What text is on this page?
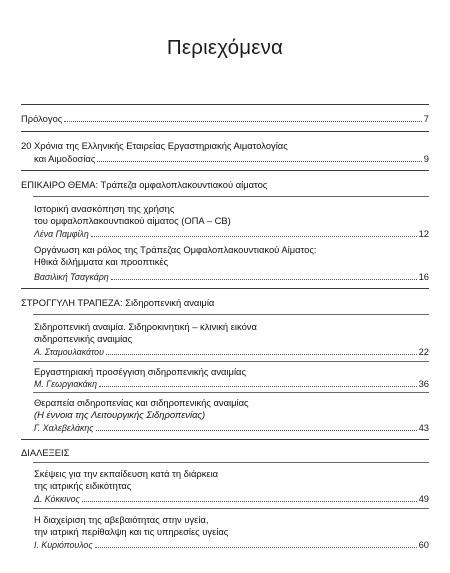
Περιεχόμενα
Πρόλογος	7
20 Χρόνια της Ελληνικής Εταιρείας Εργαστηριακής Αιματολογίας
και Αιμοδοσίας	9
ΕΠΙΚΑΙΡΟ ΘΕΜΑ: Τράπεζα ομφαλοπλακουντιακού αίματος
Ιστορική ανασκόπηση της χρήσης
του ομφαλοπλακουντιακού αίματος (ΟΠΑ – CB)
Λένα Παμφίλη	12
Οργάνωση και ρόλος της Τράπεζας Ομφαλοπλακουντιακού Αίματος:
Ηθικά διλήμματα και προοπτικές
Βασιλική Τσαγκάρη	16
ΣΤΡΟΓΓΥΛΗ ΤΡΑΠΕΖΑ: Σιδηροπενική αναιμία
Σιδηροπενική αναιμία. Σιδηροκινητική – κλινική εικόνα
σιδηροπενικής αναιμίας
Α. Σταμουλακάτου	22
Εργαστηριακή προσέγγιση σιδηροπενικής αναιμίας
Μ. Γεωργιακάκη	36
Θεραπεία σιδηροπενίας και σιδηροπενικής αναιμίας
(Η έννοια της Λειτουργικής Σιδηροπενίας)
Γ. Χαλεβελάκης	43
ΔΙΑΛΕΞΕΙΣ
Σκέψεις για την εκπαίδευση κατά τη διάρκεια
της ιατρικής ειδικότητας
Δ. Κόκκινος	49
Η διαχείριση της αβεβαιότητας στην υγεία,
την ιατρική περίθαλψη και τις υπηρεσίες υγείας
Ι. Κυριόπουλος	60
